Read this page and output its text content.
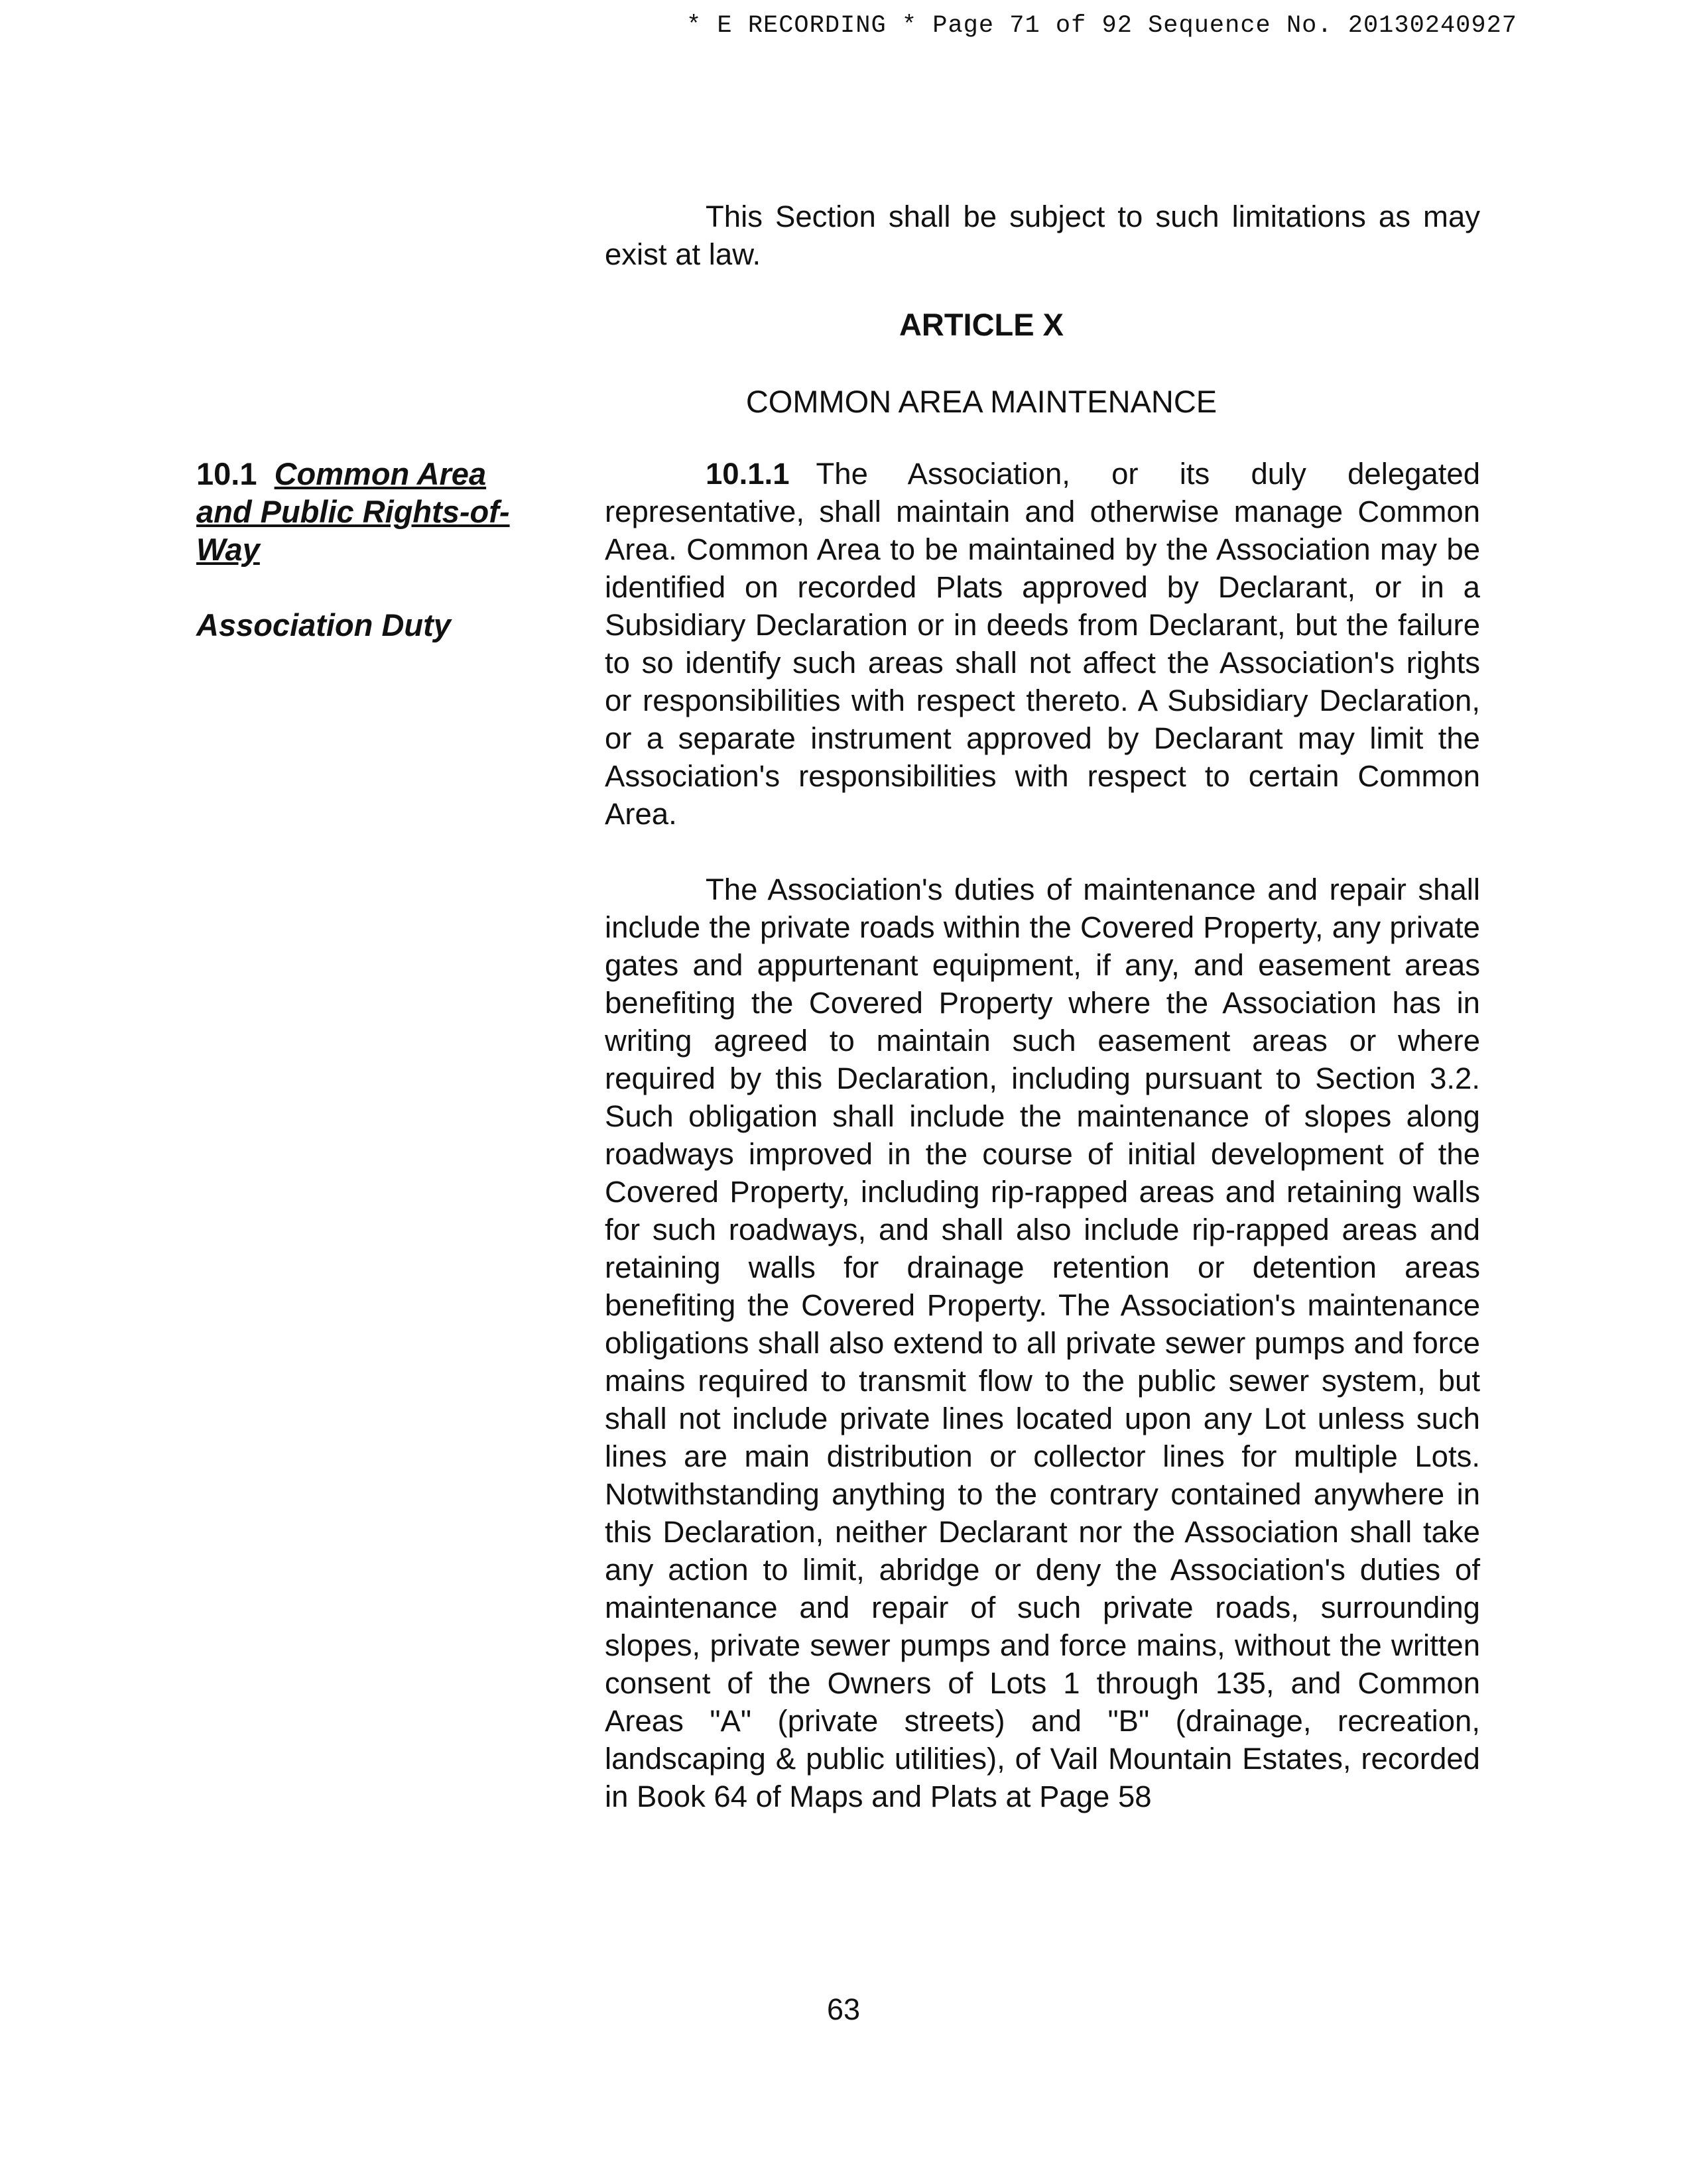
* E RECORDING * Page 71 of 92 Sequence No. 20130240927

This Section shall be subject to such limitations as may exist at law.

ARTICLE X
COMMON AREA MAINTENANCE
10.1 Common Area and Public Rights-of-Way
Association Duty

10.1.1 The Association, or its duly delegated representative, shall maintain and otherwise manage Common Area. Common Area to be maintained by the Association may be identified on recorded Plats approved by Declarant, or in a Subsidiary Declaration or in deeds from Declarant, but the failure to so identify such areas shall not affect the Association's rights or responsibilities with respect thereto. A Subsidiary Declaration, or a separate instrument approved by Declarant may limit the Association's responsibilities with respect to certain Common Area.

The Association's duties of maintenance and repair shall include the private roads within the Covered Property, any private gates and appurtenant equipment, if any, and easement areas benefiting the Covered Property where the Association has in writing agreed to maintain such easement areas or where required by this Declaration, including pursuant to Section 3.2. Such obligation shall include the maintenance of slopes along roadways improved in the course of initial development of the Covered Property, including rip-rapped areas and retaining walls for such roadways, and shall also include rip-rapped areas and retaining walls for drainage retention or detention areas benefiting the Covered Property. The Association's maintenance obligations shall also extend to all private sewer pumps and force mains required to transmit flow to the public sewer system, but shall not include private lines located upon any Lot unless such lines are main distribution or collector lines for multiple Lots. Notwithstanding anything to the contrary contained anywhere in this Declaration, neither Declarant nor the Association shall take any action to limit, abridge or deny the Association's duties of maintenance and repair of such private roads, surrounding slopes, private sewer pumps and force mains, without the written consent of the Owners of Lots 1 through 135, and Common Areas "A" (private streets) and "B" (drainage, recreation, landscaping & public utilities), of Vail Mountain Estates, recorded in Book 64 of Maps and Plats at Page 58

63
